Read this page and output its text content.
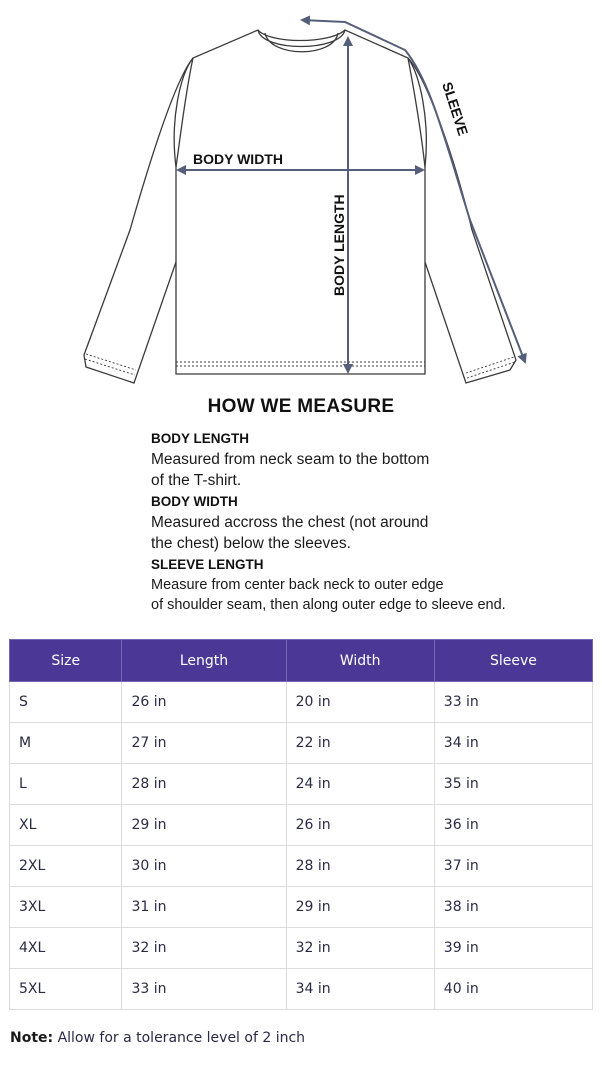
BODY WIDTH
BODY LENGTH
SLEEVE
HOW WE MEASURE

BODY LENGTH

Measured from neck seam to the bottom
of the T-shirt.

BODY WIDTH

Measured accross the chest (not around
the chest) below the sleeves.

SLEEVE LENGTH

Measure from center back neck to outer edge
of shoulder seam, then along outer edge to sleeve end.
Size	Length	Width	Sleeve
S	26 in	20 in	33 in
M	27 in	22 in	34 in
L	28 in	24 in	35 in
XL	29 in	26 in	36 in
2XL	30 in	28 in	37 in
3XL	31 in	29 in	38 in
4XL	32 in	32 in	39 in
5XL	33 in	34 in	40 in
Note: Allow for a tolerance level of 2 inch
